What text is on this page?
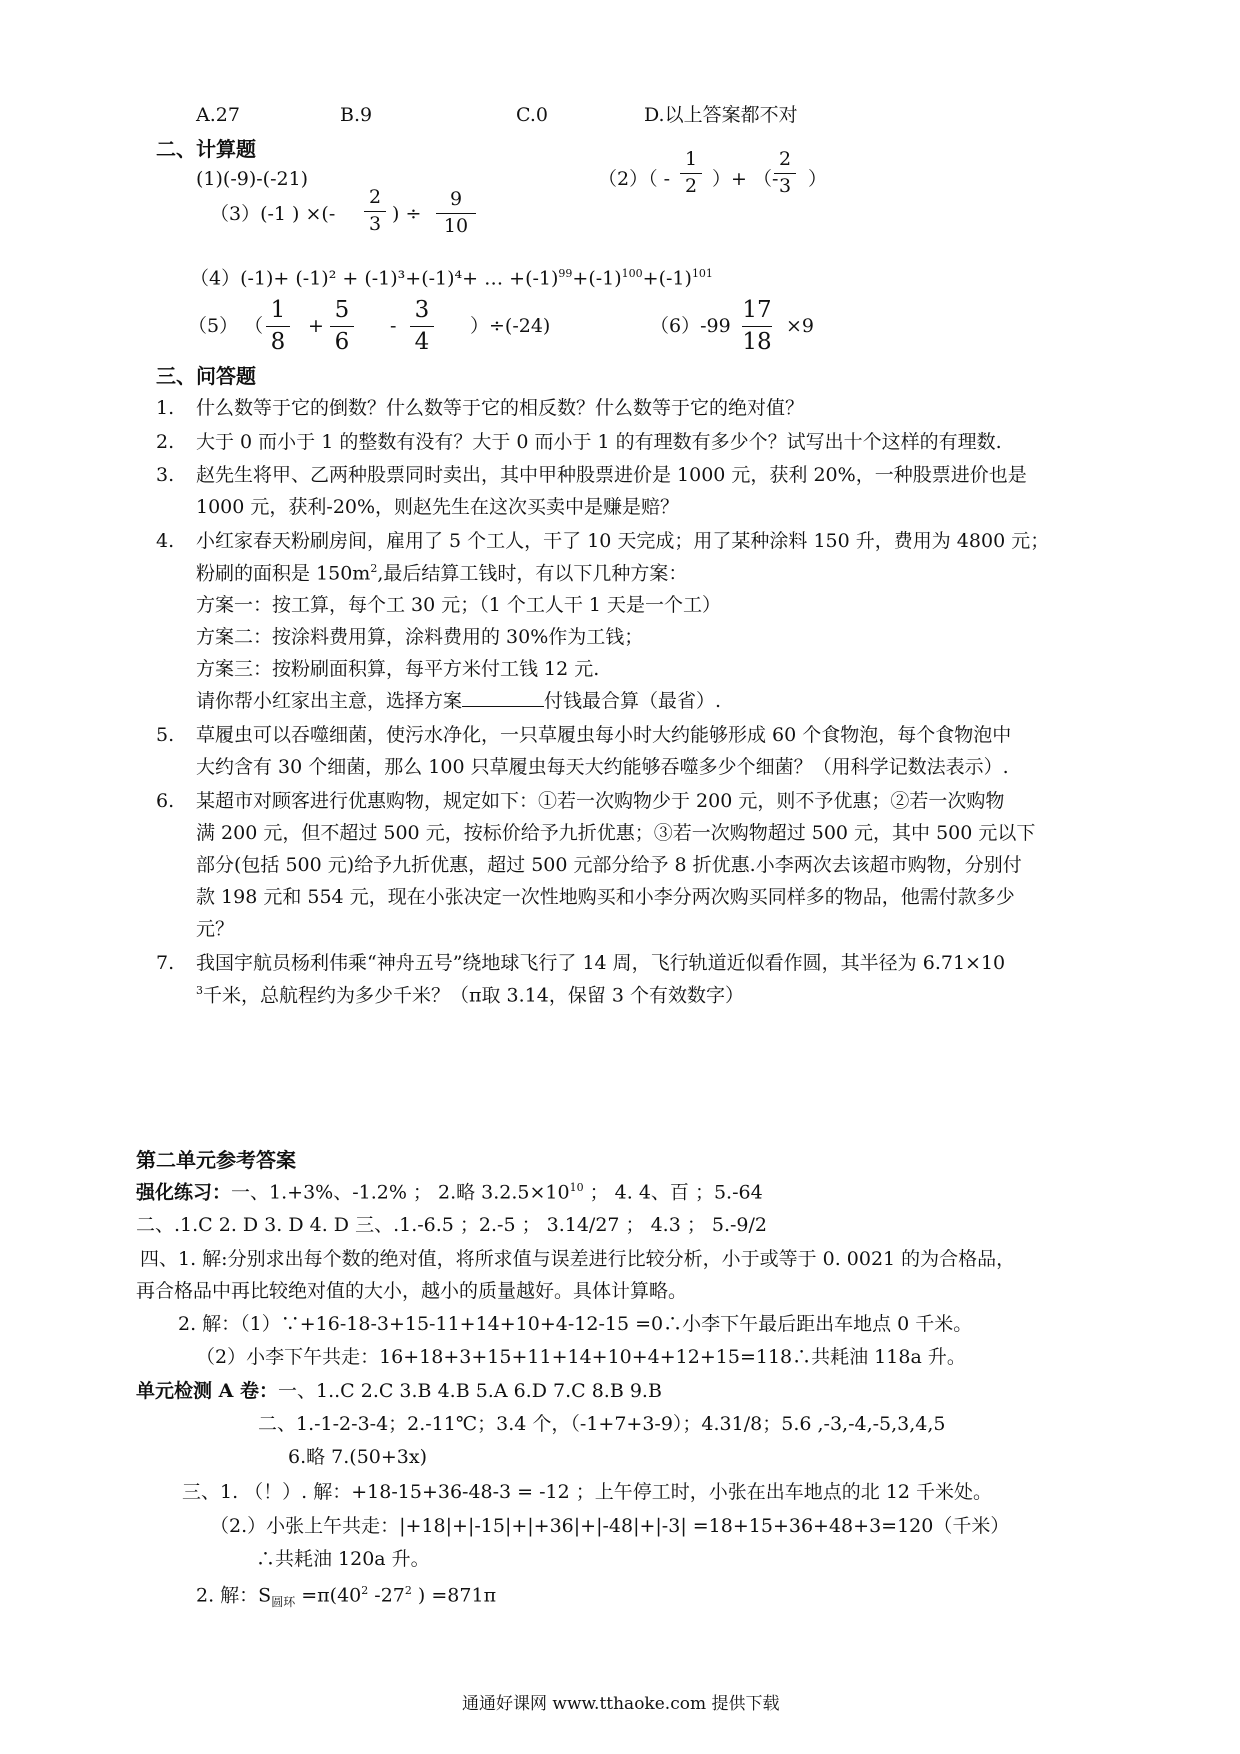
A.27	B.9	C.0	D.以上答案都不对
二、计算题
(1)(-9)-(-21)	（2）（ -
1
2 ）+ （-
2
3 ）
（3）(-1 ) ×(-
2
3 ) ÷
9
10
（4）(-1)+ (-1)² + (-1)³+(-1)⁴+ … $+(-1)^{99}+(-1)^{100}+(-1)^{101}$
（5） （
1
8
+
5
6
-
3
4
）÷(-24)	（6）-99
17
18
×9
三、问答题
1. 什么数等于它的倒数？什么数等于它的相反数？什么数等于它的绝对值？
2. 大于 0 而小于 1 的整数有没有？大于 0 而小于 1 的有理数有多少个？试写出十个这样的有理数.
3. 赵先生将甲、乙两种股票同时卖出，其中甲种股票进价是 1000 元，获利 20%，一种股票进价也是
1000 元，获利-20%，则赵先生在这次买卖中是赚是赔？
4. 小红家春天粉刷房间，雇用了 5 个工人，干了 10 天完成；用了某种涂料 150 升，费用为 4800 元；
粉刷的面积是 $150m^2$,最后结算工钱时，有以下几种方案：
方案一：按工算，每个工 30 元；（1 个工人干 1 天是一个工）
方案二：按涂料费用算，涂料费用的 30%作为工钱；
方案三：按粉刷面积算，每平方米付工钱 12 元.
请你帮小红家出主意，选择方案	付钱最合算（最省）.
5. 草履虫可以吞噬细菌，使污水净化，一只草履虫每小时大约能够形成 60 个食物泡，每个食物泡中
大约含有 30 个细菌，那么 100 只草履虫每天大约能够吞噬多少个细菌？（用科学记数法表示）.
6. 某超市对顾客进行优惠购物，规定如下：①若一次购物少于 200 元，则不予优惠；②若一次购物
满 200 元，但不超过 500 元，按标价给予九折优惠；③若一次购物超过 500 元，其中 500 元以下
部分(包括 500 元)给予九折优惠，超过 500 元部分给予 8 折优惠.小李两次去该超市购物，分别付
款 198 元和 554 元，现在小张决定一次性地购买和小李分两次购买同样多的物品，他需付款多少
元？
7. 我国宇航员杨利伟乘“神舟五号”绕地球飞行了 14 周，飞行轨道近似看作圆，其半径为 6.71×10
$^3$千米，总航程约为多少千米？（π取 3.14，保留 3 个有效数字）
第二单元参考答案
强化练习：一、1.+3%、-1.2% ； 2.略 $3.2.5\times 10^{10}$ ； 4. 4、百 ；5.-64
二、.1.C 2. D 3. D 4. D 三、.1.-6.5 ；2.-5 ； 3.14/27 ； 4.3 ； 5.-9/2
四、1. 解:分别求出每个数的绝对值，将所求值与误差进行比较分析，小于或等于 0. 0021 的为合格品，
再合格品中再比较绝对值的大小，越小的质量越好。具体计算略。
2. 解：（1）∵+16-18-3+15-11+14+10+4-12-15 =0∴小李下午最后距出车地点 0 千米。
（2）小李下午共走：16+18+3+15+11+14+10+4+12+15=118∴共耗油 118a 升。
单元检测 A 卷：一、1..C 2.C 3.B 4.B 5.A 6.D 7.C 8.B 9.B
二、1.-1-2-3-4；2.-11℃；3.4 个，（-1+7+3-9）；4.31/8；5.6 ,-3,-4,-5,3,4,5
6.略 7.(50+3x)
三、1. （！）. 解：+18-15+36-48-3 = -12 ；上午停工时，小张在出车地点的北 12 千米处。
（2.）小张上午共走：|+18|+|-15|+|+36|+|-48|+|-3| =18+15+36+48+3=120（千米）
∴共耗油 120a 升。
2. 解：$S_{圆环} =\pi(40^2$ $-27^2$ ) =871π
通通好课网 www.tthaoke.com 提供下载
